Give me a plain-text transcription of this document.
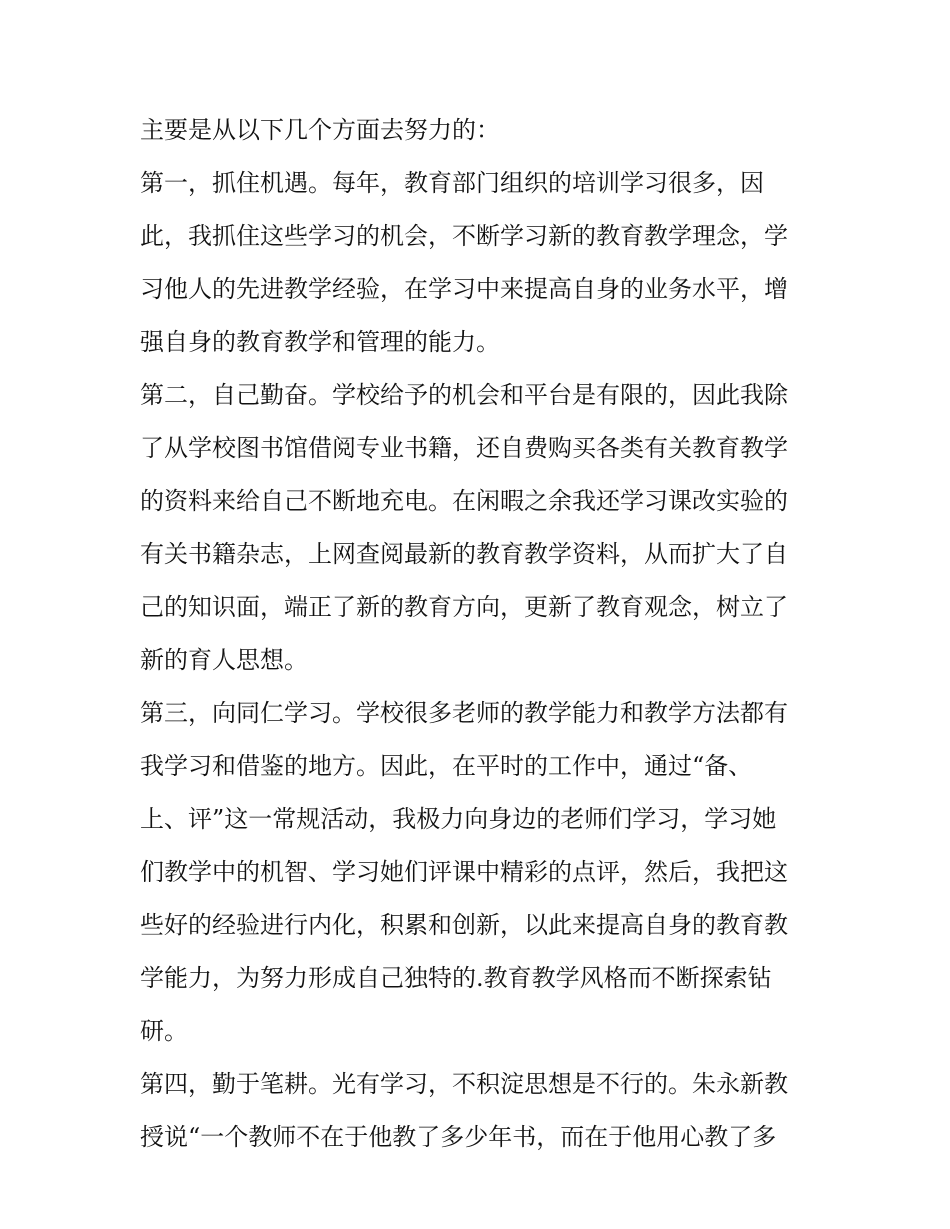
主要是从以下几个方面去努力的：
第一，抓住机遇。每年，教育部门组织的培训学习很多，因
此，我抓住这些学习的机会，不断学习新的教育教学理念，学
习他人的先进教学经验，在学习中来提高自身的业务水平，增
强自身的教育教学和管理的能力。
第二，自己勤奋。学校给予的机会和平台是有限的，因此我除
了从学校图书馆借阅专业书籍，还自费购买各类有关教育教学
的资料来给自己不断地充电。在闲暇之余我还学习课改实验的
有关书籍杂志，上网查阅最新的教育教学资料，从而扩大了自
己的知识面，端正了新的教育方向，更新了教育观念，树立了
新的育人思想。
第三，向同仁学习。学校很多老师的教学能力和教学方法都有
我学习和借鉴的地方。因此，在平时的工作中，通过“备、
上、评”这一常规活动，我极力向身边的老师们学习，学习她
们教学中的机智、学习她们评课中精彩的点评，然后，我把这
些好的经验进行内化，积累和创新，以此来提高自身的教育教
学能力，为努力形成自己独特的.教育教学风格而不断探索钻
研。
第四，勤于笔耕。光有学习，不积淀思想是不行的。朱永新教
授说“一个教师不在于他教了多少年书，而在于他用心教了多
